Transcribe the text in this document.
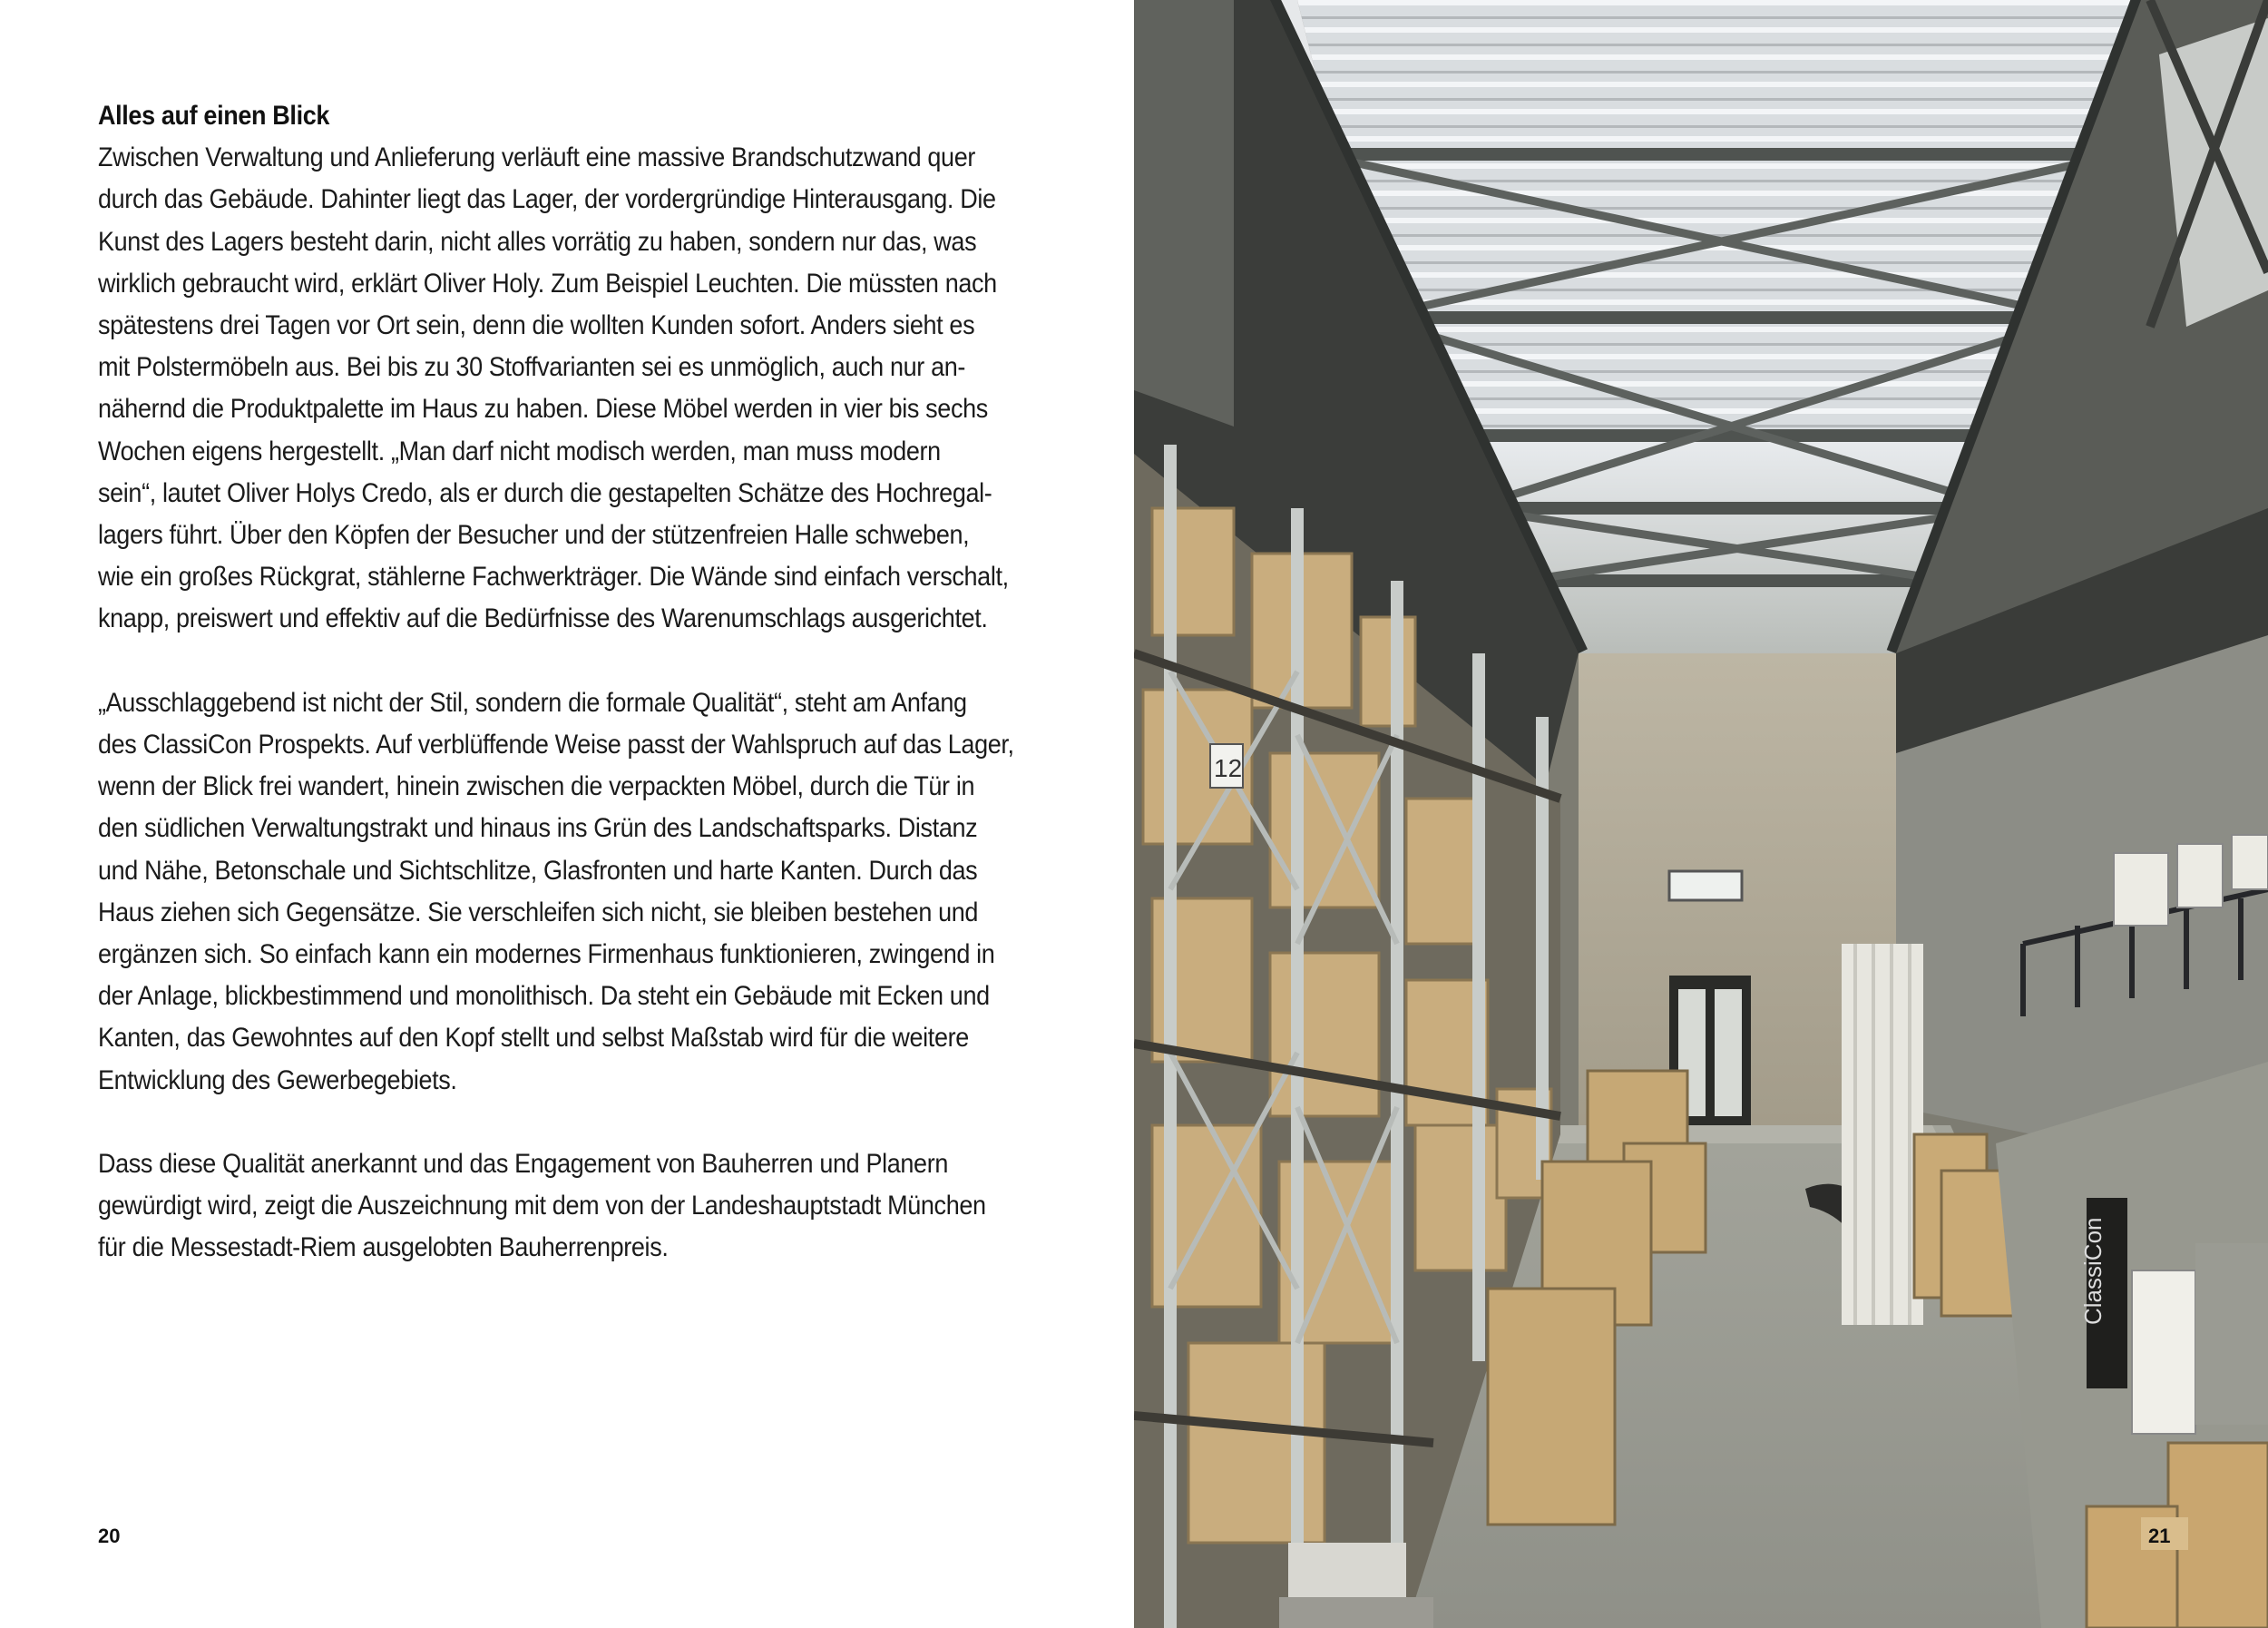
Alles auf einen Blick

Zwischen Verwaltung und Anlieferung verläuft eine massive Brandschutzwand quer
durch das Gebäude. Dahinter liegt das Lager, der vordergründige Hinterausgang. Die
Kunst des Lagers besteht darin, nicht alles vorrätig zu haben, sondern nur das, was
wirklich gebraucht wird, erklärt Oliver Holy. Zum Beispiel Leuchten. Die müssten nach
spätestens drei Tagen vor Ort sein, denn die wollten Kunden sofort. Anders sieht es
mit Polstermöbeln aus. Bei bis zu 30 Stoffvarianten sei es unmöglich, auch nur an-
nähernd die Produktpalette im Haus zu haben. Diese Möbel werden in vier bis sechs
Wochen eigens hergestellt. „Man darf nicht modisch werden, man muss modern
sein“, lautet Oliver Holys Credo, als er durch die gestapelten Schätze des Hochregal-
lagers führt. Über den Köpfen der Besucher und der stützenfreien Halle schweben,
wie ein großes Rückgrat, stählerne Fachwerkträger. Die Wände sind einfach verschalt,
knapp, preiswert und effektiv auf die Bedürfnisse des Warenumschlags ausgerichtet.

„Ausschlaggebend ist nicht der Stil, sondern die formale Qualität“, steht am Anfang
des ClassiCon Prospekts. Auf verblüffende Weise passt der Wahlspruch auf das Lager,
wenn der Blick frei wandert, hinein zwischen die verpackten Möbel, durch die Tür in
den südlichen Verwaltungstrakt und hinaus ins Grün des Landschaftsparks. Distanz
und Nähe, Betonschale und Sichtschlitze, Glasfronten und harte Kanten. Durch das
Haus ziehen sich Gegensätze. Sie verschleifen sich nicht, sie bleiben bestehen und
ergänzen sich. So einfach kann ein modernes Firmenhaus funktionieren, zwingend in
der Anlage, blickbestimmend und monolithisch. Da steht ein Gebäude mit Ecken und
Kanten, das Gewohntes auf den Kopf stellt und selbst Maßstab wird für die weitere
Entwicklung des Gewerbegebiets.

Dass diese Qualität anerkannt und das Engagement von Bauherren und Planern
gewürdigt wird, zeigt die Auszeichnung mit dem von der Landeshauptstadt München
für die Messestadt-Riem ausgelobten Bauherrenpreis.

20
12
ClassiCon
21
